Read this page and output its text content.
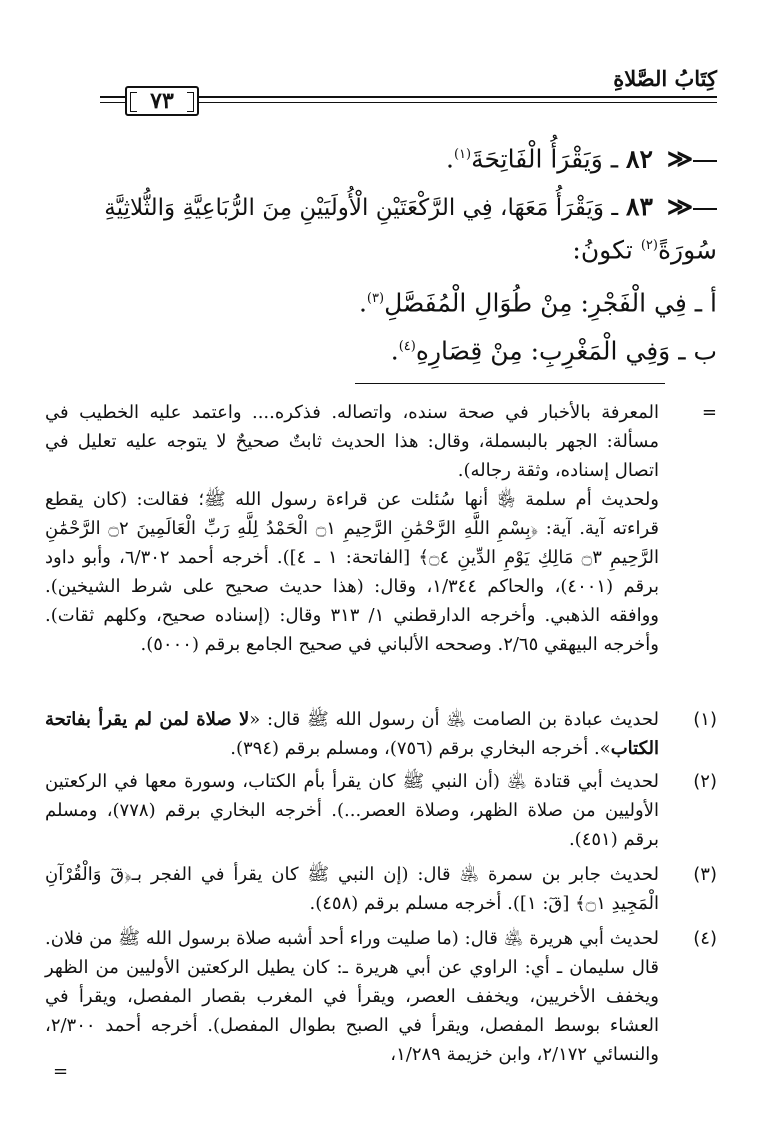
كِتَابُ الصَّلاةِ
٧٣
≪ ٨٢ ـ وَيَقْرَأُ الْفَاتِحَةَ$^{(١)}$.
≪ ٨٣ ـ وَيَقْرَأُ مَعَهَا، فِي الرَّكْعَتَيْنِ الْأُولَيَيْنِ مِنَ الرُّبَاعِيَّةِ وَالثُّلاثِيَّةِ
سُورَةً$^{(٢)}$ تكونُ:
أ ـ فِي الْفَجْرِ: مِنْ طُوَالِ الْمُفَصَّلِ$^{(٣)}$.
ب ـ وَفِي الْمَغْرِبِ: مِنْ قِصَارِهِ$^{(٤)}$.
=
المعرفة بالأخبار في صحة سنده، واتصاله. فذكره.... واعتمد عليه الخطيب في مسألة: الجهر بالبسملة، وقال: هذا الحديث ثابتٌ صحيحٌ لا يتوجه عليه تعليل في اتصال إسناده، وثقة رجاله).
ولحديث أم سلمة ﵂ أنها سُئلت عن قراءة رسول الله ﷺ؛ فقالت: (كان يقطع قراءته آية. آية: ﴿بِسْمِ اللَّهِ الرَّحْمَٰنِ الرَّحِيمِ ۝١ الْحَمْدُ لِلَّهِ رَبِّ الْعَالَمِينَ ۝٢ الرَّحْمَٰنِ الرَّحِيمِ ۝٣ مَالِكِ يَوْمِ الدِّينِ ۝٤﴾ [الفاتحة: ١ ـ ٤]). أخرجه أحمد ٦/٣٠٢، وأبو داود برقم (٤٠٠١)، والحاكم ١/٣٤٤، وقال: (هذا حديث صحيح على شرط الشيخين). ووافقه الذهبي. وأخرجه الدارقطني ١/ ٣١٣ وقال: (إسناده صحيح، وكلهم ثقات). وأخرجه البيهقي ٢/٦٥. وصححه الألباني في صحيح الجامع برقم (٥٠٠٠).
(١)
لحديث عبادة بن الصامت ﵁ أن رسول الله ﷺ قال: «لا صلاة لمن لم يقرأ بفاتحة الكتاب». أخرجه البخاري برقم (٧٥٦)، ومسلم برقم (٣٩٤).
(٢)
لحديث أبي قتادة ﵁ (أن النبي ﷺ كان يقرأ بأم الكتاب، وسورة معها في الركعتين الأوليين من صلاة الظهر، وصلاة العصر...). أخرجه البخاري برقم (٧٧٨)، ومسلم برقم (٤٥١).
(٣)
لحديث جابر بن سمرة ﵁ قال: (إن النبي ﷺ كان يقرأ في الفجر بـ﴿قٓ وَالْقُرْآنِ الْمَجِيدِ ۝١﴾ [قٓ: ١]). أخرجه مسلم برقم (٤٥٨).
(٤)
لحديث أبي هريرة ﵁ قال: (ما صليت وراء أحد أشبه صلاة برسول الله ﷺ من فلان. قال سليمان ـ أي: الراوي عن أبي هريرة ـ: كان يطيل الركعتين الأوليين من الظهر ويخفف الأخريين، ويخفف العصر، ويقرأ في المغرب بقصار المفصل، ويقرأ في العشاء بوسط المفصل، ويقرأ في الصبح بطوال المفصل). أخرجه أحمد ٢/٣٠٠، والنسائي ٢/١٧٢، وابن خزيمة ١/٢٨٩،
=
